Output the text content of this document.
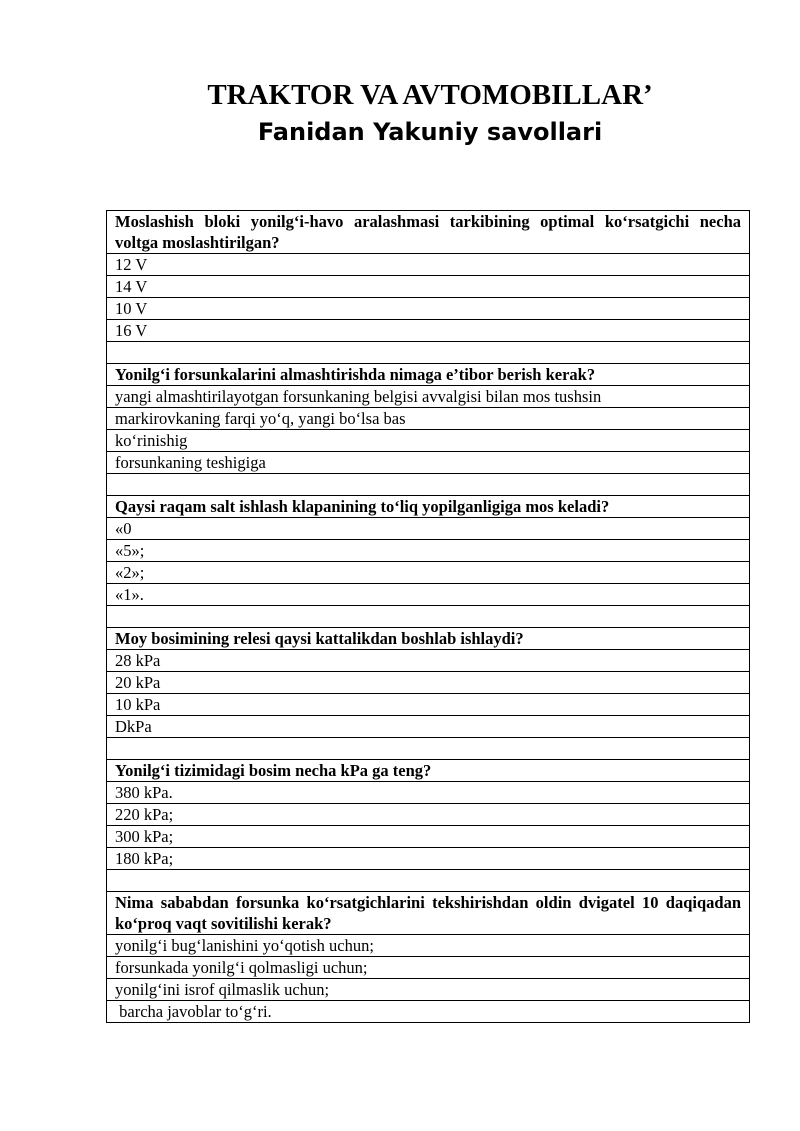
TRAKTOR VA AVTOMOBILLAR’
Fanidan Yakuniy savollari
Moslashish bloki yonilg‘i-havo aralashmasi tarkibining optimal ko‘rsatgichi necha voltga moslashtirilgan?
12 V
14 V
10 V
16 V

Yonilg‘i forsunkalarini almashtirishda nimaga e’tibor berish kerak?
yangi almashtirilayotgan forsunkaning belgisi avvalgisi bilan mos tushsin
markirovkaning farqi yo‘q, yangi bo‘lsa bas
ko‘rinishig
forsunkaning teshigiga

Qaysi raqam salt ishlash klapanining to‘liq yopilganligiga mos keladi?
«0
«5»;
«2»;
«1».

Moy bosimining relesi qaysi kattalikdan boshlab ishlaydi?
28 kPa
20 kPa
10 kPa
DkPa

Yonilg‘i tizimidagi bosim necha kPa ga teng?
380 kPa.
220 kPa;
300 kPa;
180 kPa;

Nima sababdan forsunka ko‘rsatgichlarini tekshirishdan oldin dvigatel 10 daqiqadan ko‘proq vaqt sovitilishi kerak?
yonilg‘i bug‘lanishini yo‘qotish uchun;
forsunkada yonilg‘i qolmasligi uchun;
yonilg‘ini isrof qilmaslik uchun;
barcha javoblar to‘g‘ri.
